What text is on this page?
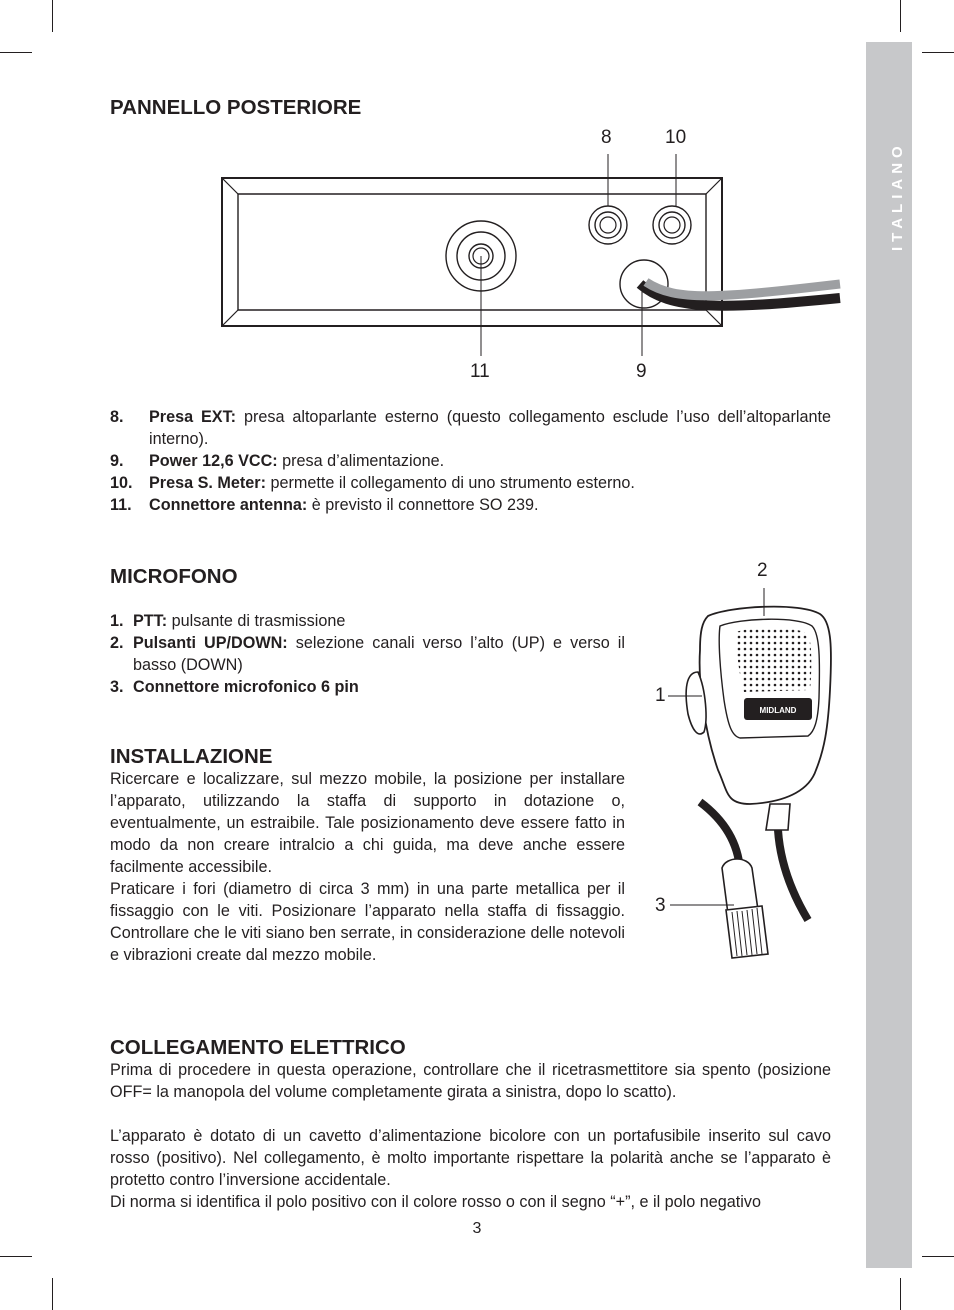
ITALIANO
PANNELLO POSTERIORE
8	10
11	9
8. Presa EXT: presa altoparlante esterno (questo collegamento esclude l’uso dell’altoparlante interno).
9. Power 12,6 VCC: presa d’alimentazione.
10. Presa S. Meter: permette il collegamento di uno strumento esterno.
11. Connettore antenna: è previsto il connettore SO 239.
MICROFONO
1. PTT: pulsante di trasmissione
2. Pulsanti UP/DOWN: selezione canali verso l’alto (UP) e verso il basso (DOWN)
3. Connettore microfonico 6 pin
MIDLAND
2
1
3
INSTALLAZIONE
Ricercare e localizzare, sul mezzo mobile, la posizione per installare l’apparato, utilizzando la staffa di supporto in dotazione o, eventualmente, un estraibile. Tale posizionamento deve essere fatto in modo da non creare intralcio a chi guida, ma deve anche essere facilmente accessibile.
Praticare i fori (diametro di circa 3 mm) in una parte metallica per il fissaggio con le viti. Posizionare l’apparato nella staffa di fissaggio. Controllare che le viti siano ben serrate, in considerazione delle notevoli e vibrazioni create dal mezzo mobile.
COLLEGAMENTO ELETTRICO
Prima di procedere in questa operazione, controllare che il ricetrasmettitore sia spento (posizione OFF= la manopola del volume completamente girata a sinistra, dopo lo scatto).
L’apparato è dotato di un cavetto d’alimentazione bicolore con un portafusibile inserito sul cavo rosso (positivo). Nel collegamento, è molto importante rispettare la polarità anche se l’apparato è protetto contro l’inversione accidentale.
Di norma si identifica il polo positivo con il colore rosso o con il segno “+”, e il polo negativo
3
